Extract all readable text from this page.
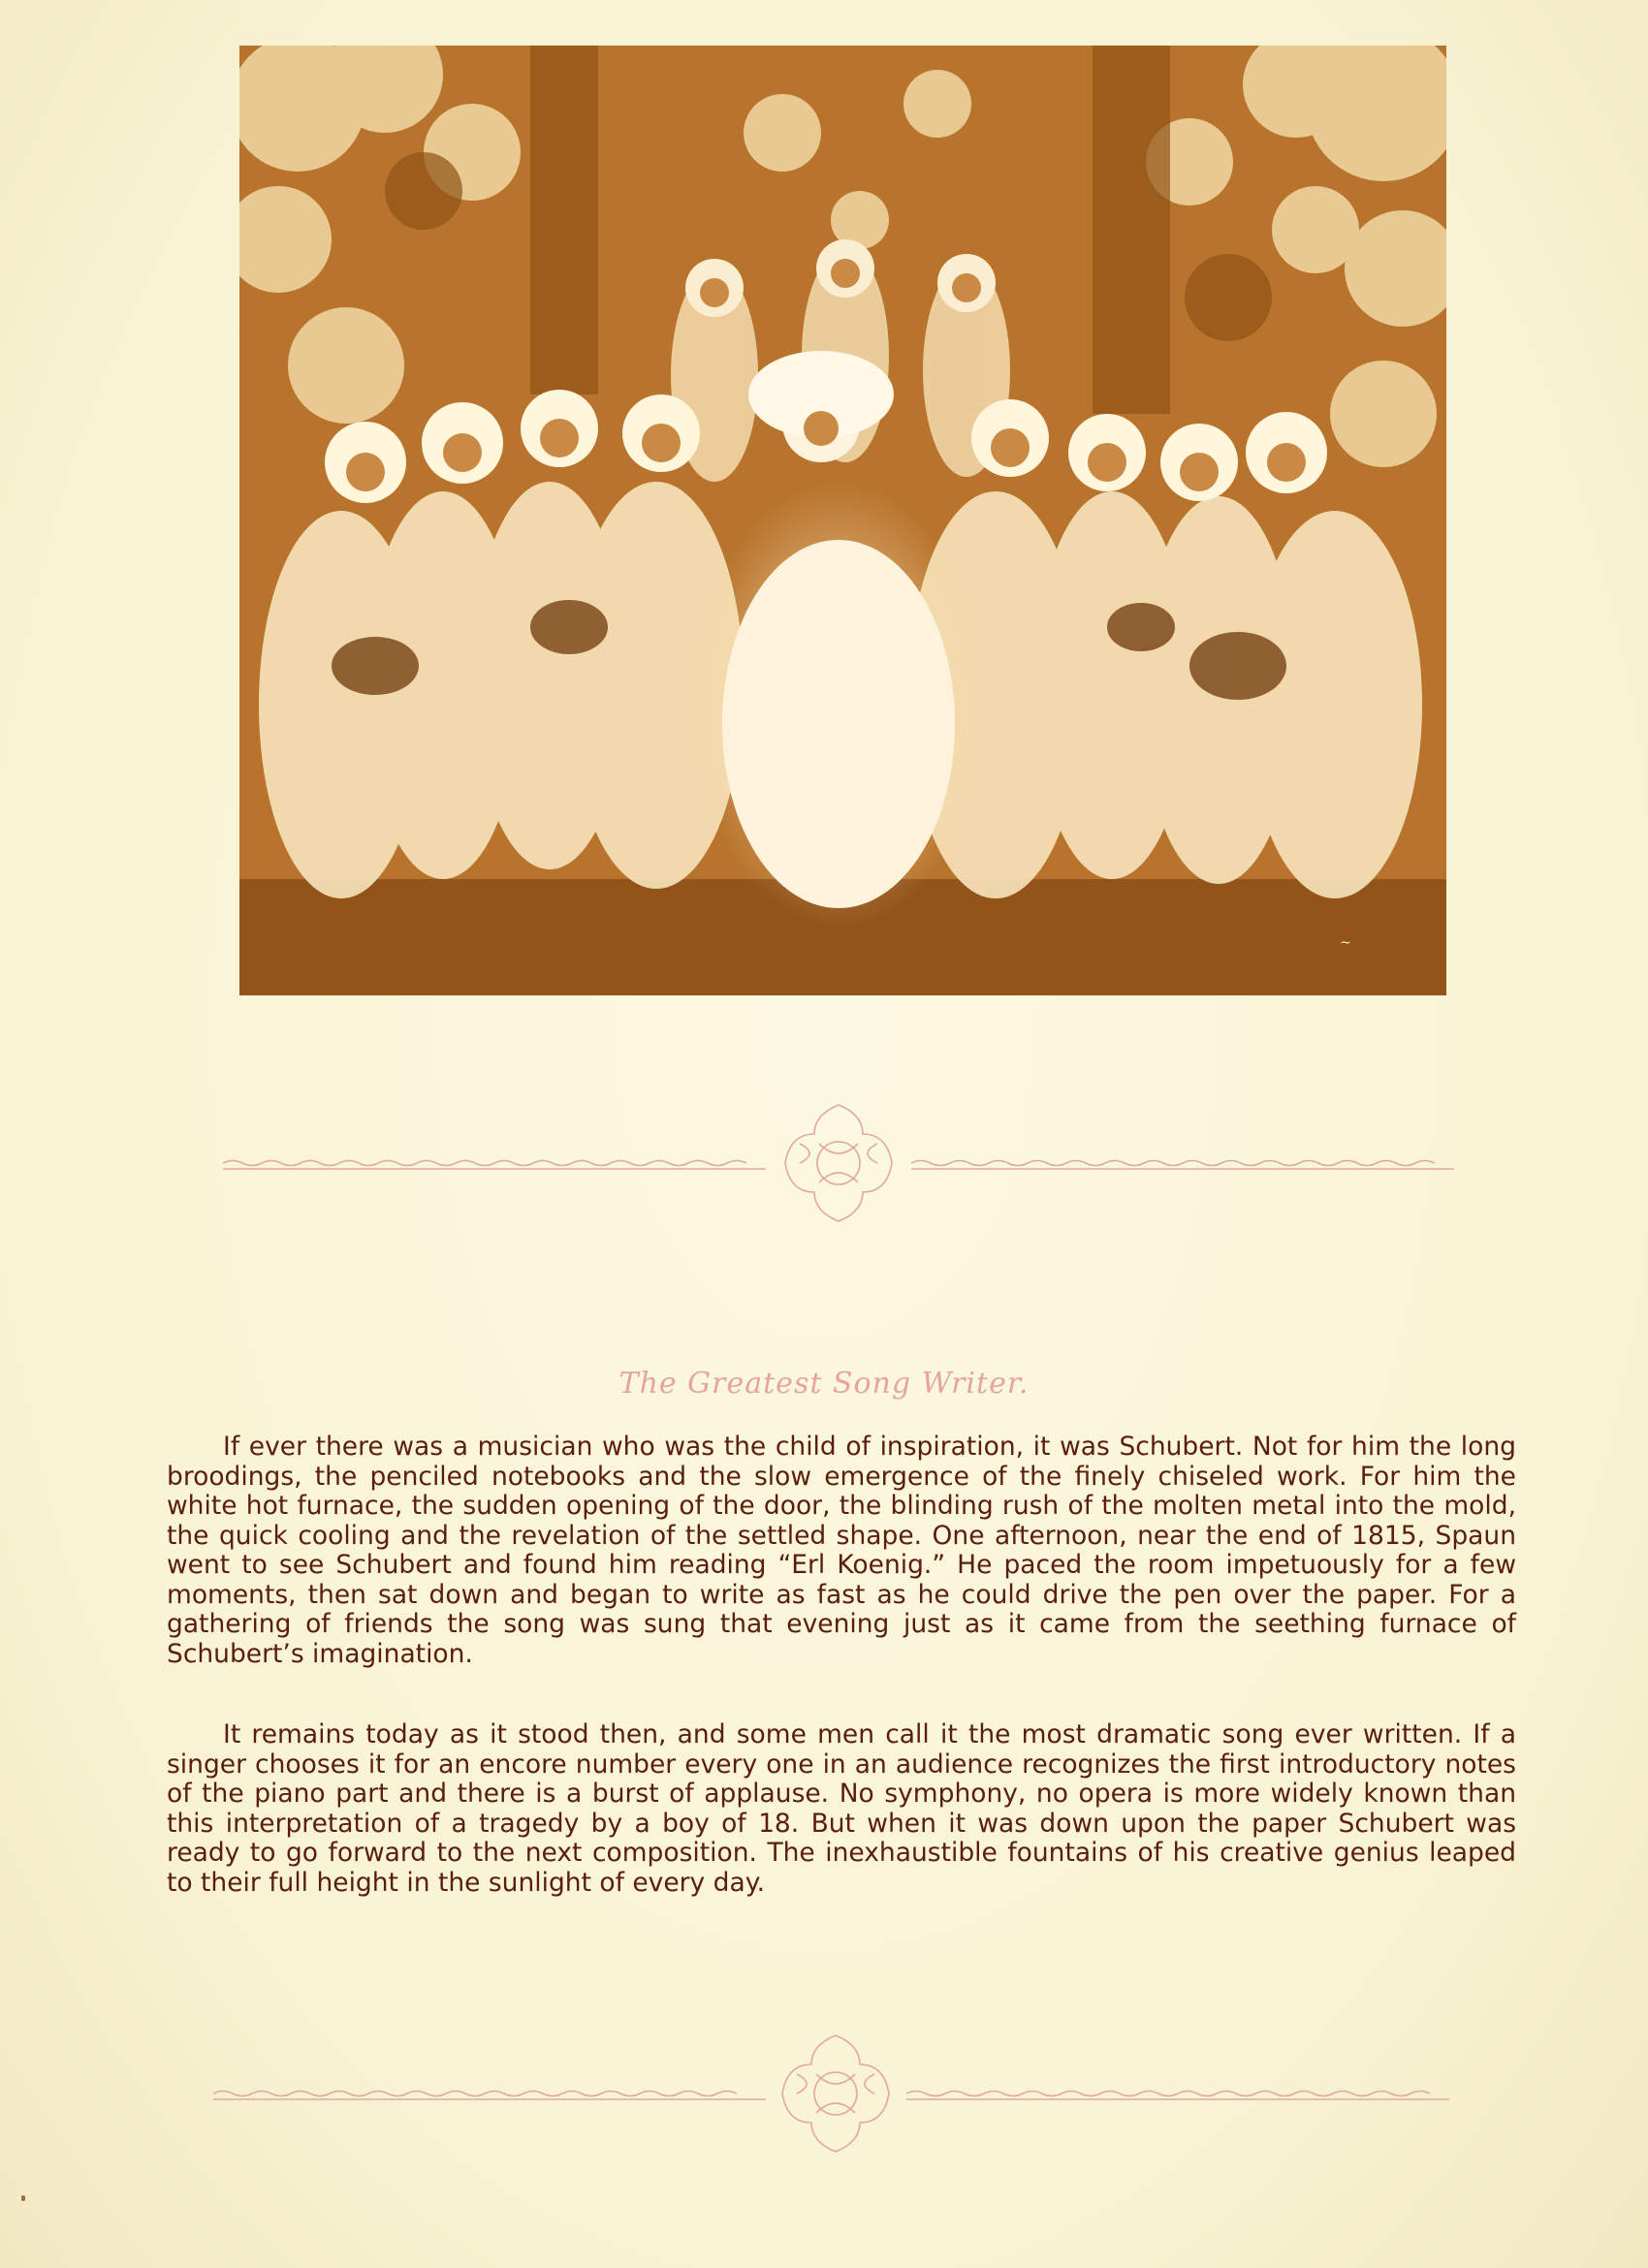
~
The Greatest Song Writer.

If ever there was a musician who was the child of inspiration, it was Schubert. Not for him the long broodings, the penciled notebooks and the slow emergence of the finely chiseled work. For him the white hot furnace, the sudden opening of the door, the blinding rush of the molten metal into the mold, the quick cooling and the revelation of the settled shape. One afternoon, near the end of 1815, Spaun went to see Schubert and found him reading “Erl Koenig.” He paced the room impetuously for a few moments, then sat down and began to write as fast as he could drive the pen over the paper. For a gathering of friends the song was sung that evening just as it came from the seething furnace of Schubert’s imagination.

It remains today as it stood then, and some men call it the most dramatic song ever written. If a singer chooses it for an encore number every one in an audience recognizes the first introductory notes of the piano part and there is a burst of applause. No symphony, no opera is more widely known than this interpretation of a tragedy by a boy of 18. But when it was down upon the paper Schubert was ready to go forward to the next composition. The inexhaustible fountains of his creative genius leaped to their full height in the sunlight of every day.
